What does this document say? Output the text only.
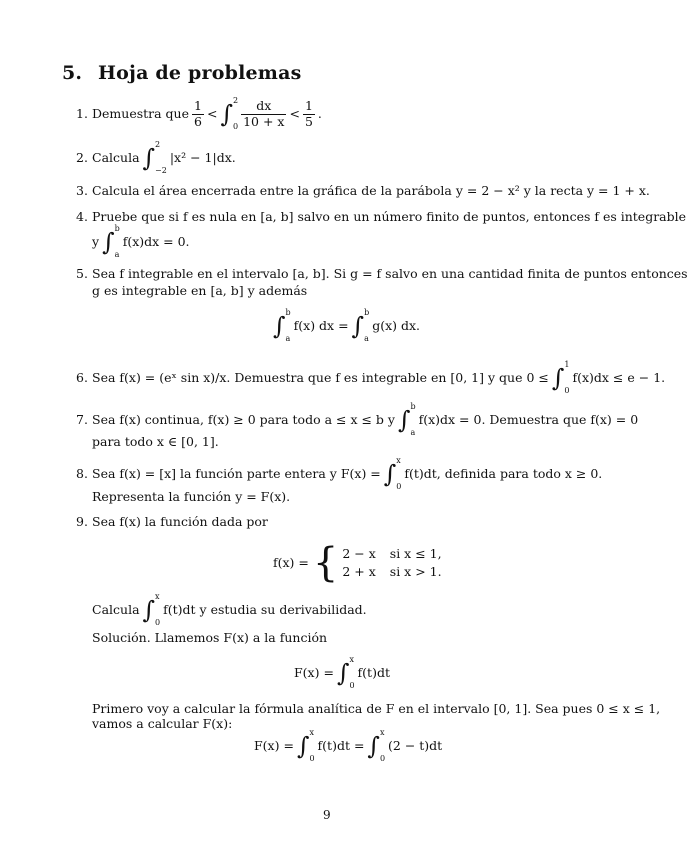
5. Hoja de problemas
1. Demuestra que $\frac{1}{6}$ < ∫ 2
$0 \frac{dx}{10 + x} < \frac{1}{5}$ .
2. Calcula ∫ 2
−2
|x² − 1|dx.
3. Calcula el área encerrada entre la gráfica de la parábola y = 2 − x² y la recta y = 1 + x.
4. Pruebe que si f es nula en [a, b] salvo en un número finito de puntos, entonces f es integrable
y ∫ b
a
f(x)dx = 0.
5. Sea f integrable en el intervalo [a, b]. Si g = f salvo en una cantidad finita de puntos entonces
g es integrable en [a, b] y además
∫ b
a
f(x) dx = ∫ b
a
g(x) dx.
6. Sea f(x) = (eˣ sin x)/x. Demuestra que f es integrable en [0, 1] y que 0 ≤ ∫ 1
0
f(x)dx ≤ e − 1.
7. Sea f(x) continua, f(x) ≥ 0 para todo a ≤ x ≤ b y ∫ b
a
f(x)dx = 0. Demuestra que f(x) = 0
para todo x ∈ [0, 1].
8. Sea f(x) = [x] la función parte entera y F(x) = ∫ x
0
f(t)dt, definida para todo x ≥ 0.
Representa la función y = F(x).
9. Sea f(x) la función dada por
f(x) = { 2 − x si x ≤ 1,
2 + x si x > 1.
Calcula ∫ x
0
f(t)dt y estudia su derivabilidad.
Solución. Llamemos F(x) a la función
F(x) = ∫ x
0
f(t)dt
Primero voy a calcular la fórmula analítica de F en el intervalo [0, 1]. Sea pues 0 ≤ x ≤ 1,
vamos a calcular F(x):
F(x) = ∫ x
0
f(t)dt = ∫ x
0
(2 − t)dt
9
